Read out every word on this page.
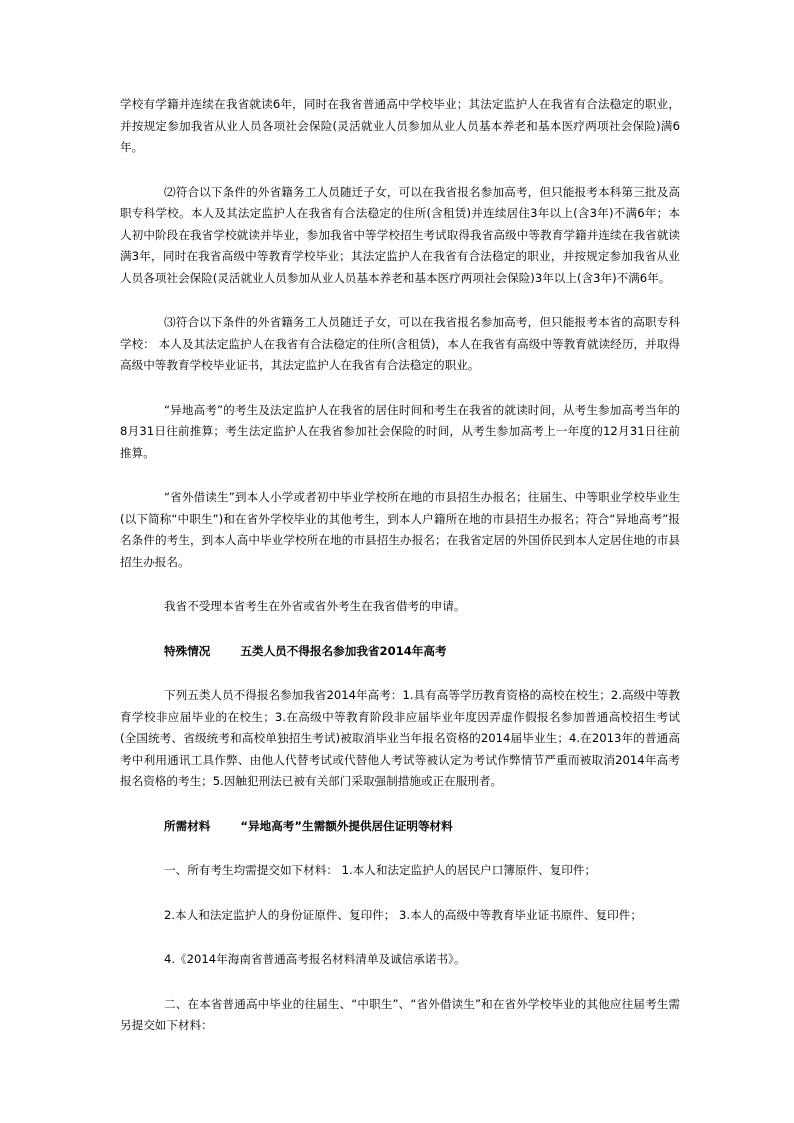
学校有学籍并连续在我省就读6年，同时在我省普通高中学校毕业；其法定监护人在我省有合法稳定的职业，并按规定参加我省从业人员各项社会保险(灵活就业人员参加从业人员基本养老和基本医疗两项社会保险)满6年。

⑵符合以下条件的外省籍务工人员随迁子女，可以在我省报名参加高考，但只能报考本科第三批及高职专科学校。本人及其法定监护人在我省有合法稳定的住所(含租赁)并连续居住3年以上(含3年)不满6年；本人初中阶段在我省学校就读并毕业，参加我省中等学校招生考试取得我省高级中等教育学籍并连续在我省就读满3年，同时在我省高级中等教育学校毕业；其法定监护人在我省有合法稳定的职业，并按规定参加我省从业人员各项社会保险(灵活就业人员参加从业人员基本养老和基本医疗两项社会保险)3年以上(含3年)不满6年。

⑶符合以下条件的外省籍务工人员随迁子女，可以在我省报名参加高考，但只能报考本省的高职专科学校： 本人及其法定监护人在我省有合法稳定的住所(含租赁)，本人在我省有高级中等教育就读经历，并取得高级中等教育学校毕业证书，其法定监护人在我省有合法稳定的职业。

“异地高考”的考生及法定监护人在我省的居住时间和考生在我省的就读时间，从考生参加高考当年的8月31日往前推算；考生法定监护人在我省参加社会保险的时间，从考生参加高考上一年度的12月31日往前推算。

“省外借读生”到本人小学或者初中毕业学校所在地的市县招生办报名；往届生、中等职业学校毕业生(以下简称“中职生”)和在省外学校毕业的其他考生，到本人户籍所在地的市县招生办报名；符合“异地高考”报名条件的考生，到本人高中毕业学校所在地的市县招生办报名；在我省定居的外国侨民到本人定居住地的市县招生办报名。

我省不受理本省考生在外省或省外考生在我省借考的申请。

特殊情况	五类人员不得报名参加我省2014年高考

下列五类人员不得报名参加我省2014年高考：1.具有高等学历教育资格的高校在校生；2.高级中等教育学校非应届毕业的在校生；3.在高级中等教育阶段非应届毕业年度因弄虚作假报名参加普通高校招生考试(全国统考、省级统考和高校单独招生考试)被取消毕业当年报名资格的2014届毕业生；4.在2013年的普通高考中利用通讯工具作弊、由他人代替考试或代替他人考试等被认定为考试作弊情节严重而被取消2014年高考报名资格的考生；5.因触犯刑法已被有关部门采取强制措施或正在服刑者。

所需材料	“异地高考”生需额外提供居住证明等材料

一、所有考生均需提交如下材料： 1.本人和法定监护人的居民户口簿原件、复印件；

2.本人和法定监护人的身份证原件、复印件； 3.本人的高级中等教育毕业证书原件、复印件；

4.《2014年海南省普通高考报名材料清单及诚信承诺书》。

二、在本省普通高中毕业的往届生、“中职生”、“省外借读生”和在省外学校毕业的其他应往届考生需另提交如下材料：
